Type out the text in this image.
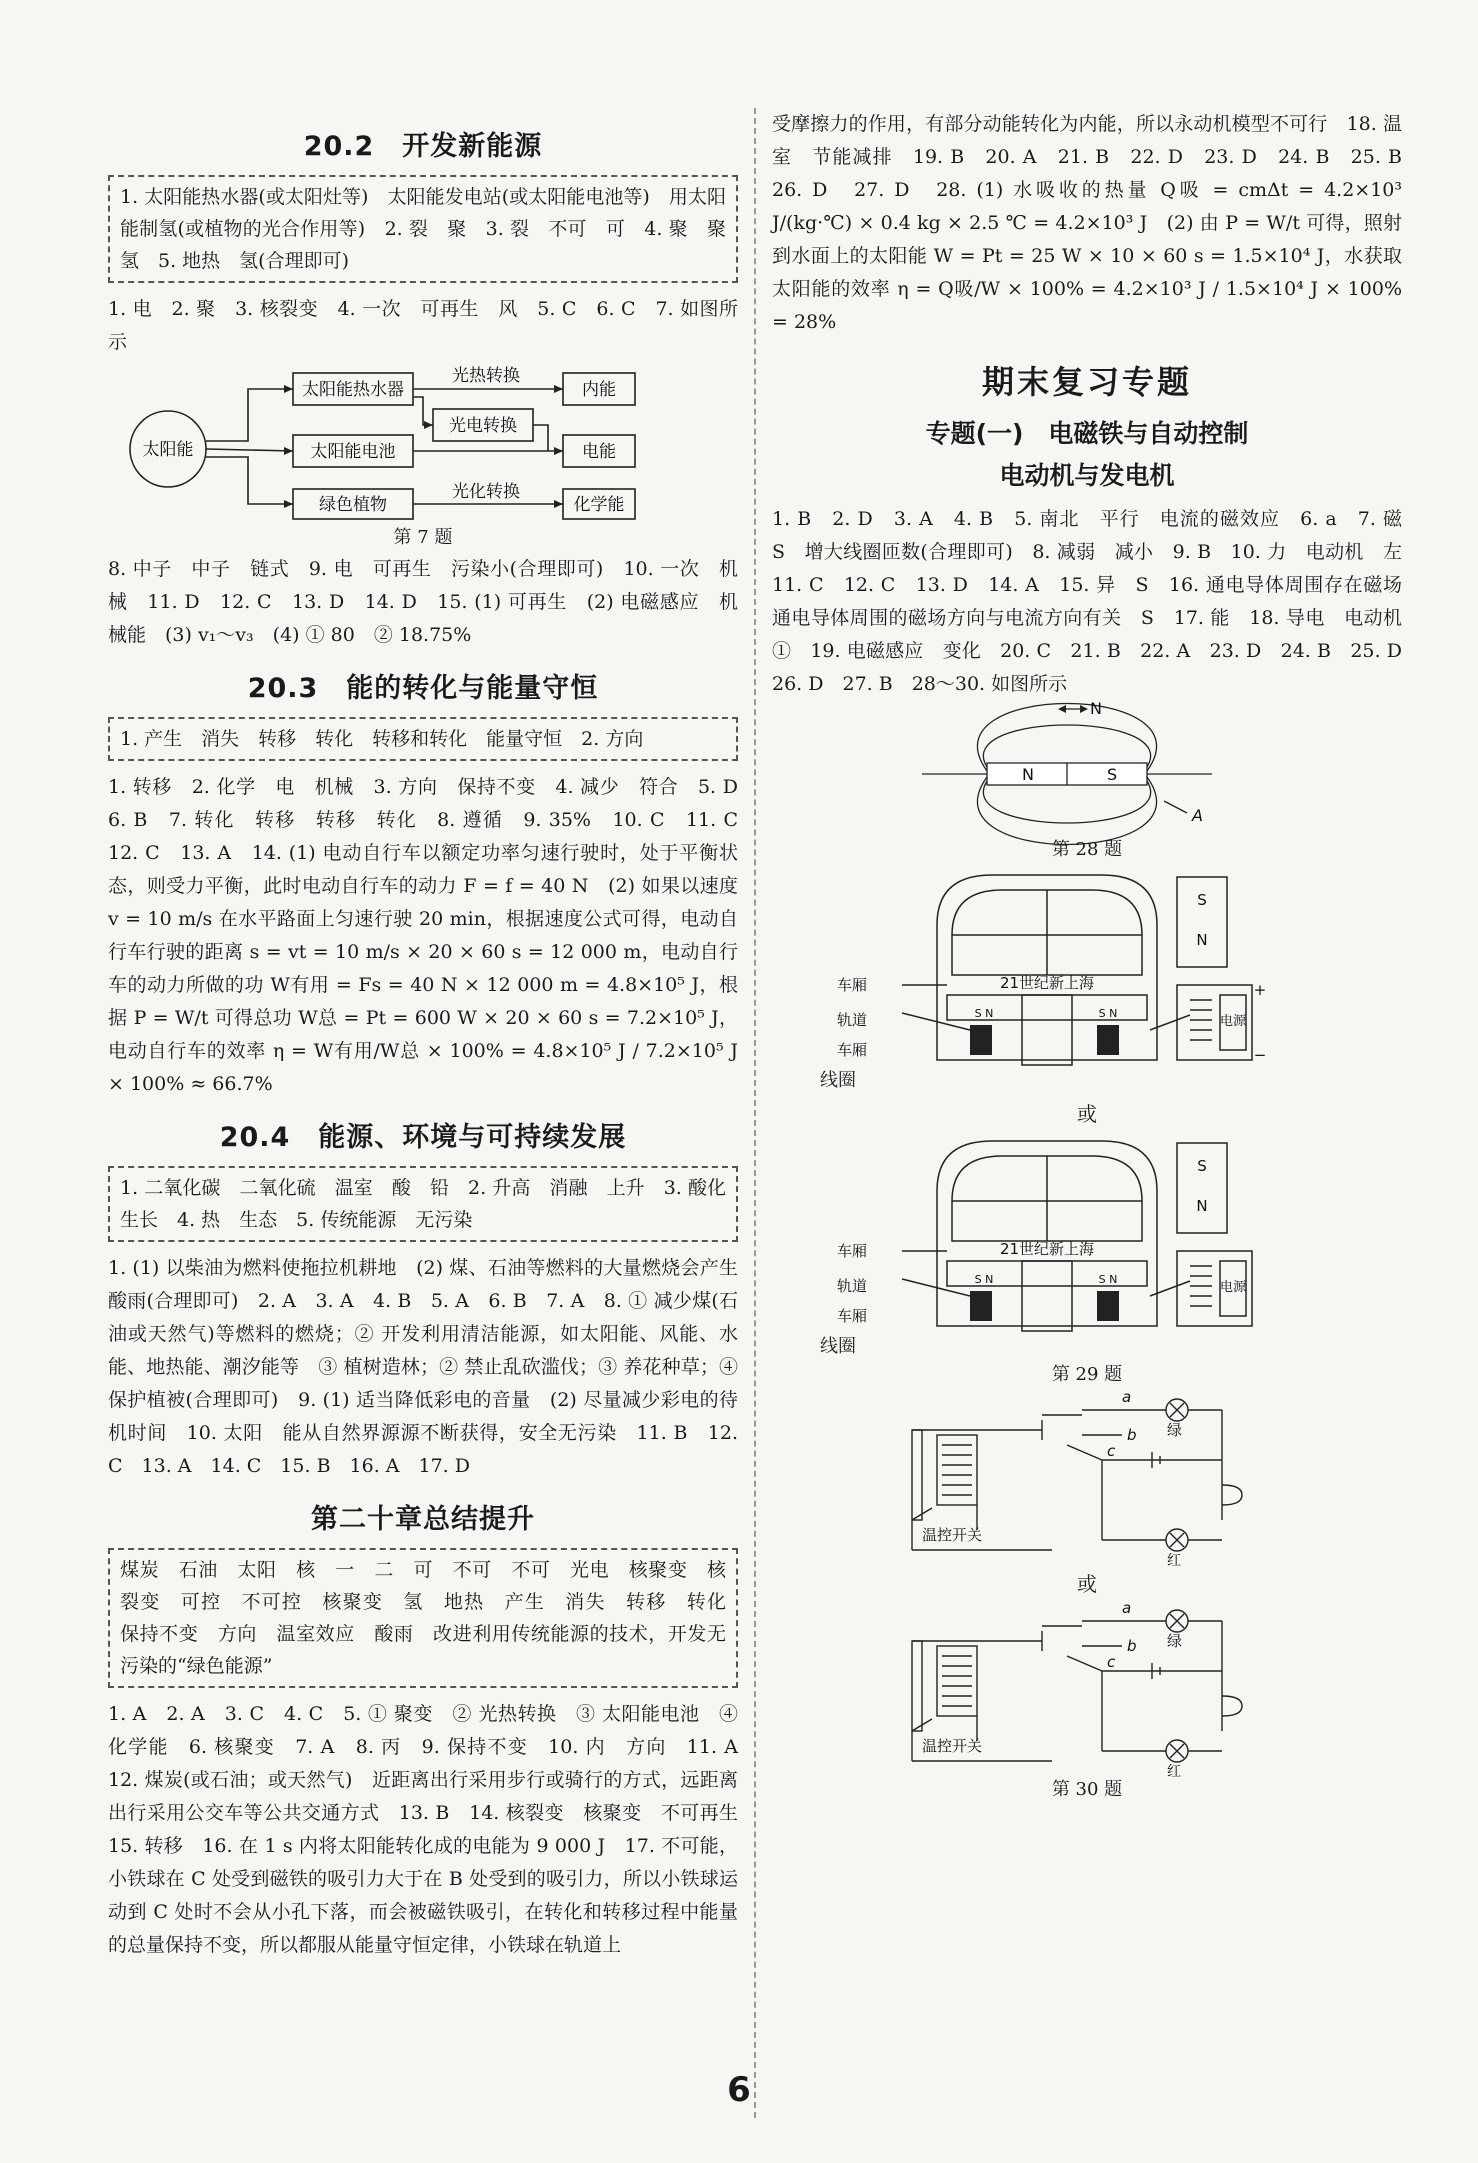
20.2　开发新能源

1. 太阳能热水器(或太阳灶等)　太阳能发电站(或太阳能电池等)　用太阳能制氢(或植物的光合作用等)　2. 裂　聚　3. 裂　不可　可　4. 聚　聚　氢　5. 地热　氢(合理即可)

1. 电　2. 聚　3. 核裂变　4. 一次　可再生　风　5. C　6. C　7. 如图所示

太阳能
太阳能热水器
太阳能电池
绿色植物
光热转换
光电转换
光化转换
内能
电能
化学能
第 7 题

8. 中子　中子　链式　9. 电　可再生　污染小(合理即可)　10. 一次　机械　11. D　12. C　13. D　14. D　15. (1) 可再生　(2) 电磁感应　机械能　(3) v₁～v₃　(4) ① 80　② 18.75%

20.3　能的转化与能量守恒

1. 产生　消失　转移　转化　转移和转化　能量守恒　2. 方向

1. 转移　2. 化学　电　机械　3. 方向　保持不变　4. 减少　符合　5. D　6. B　7. 转化　转移　转移　转化　8. 遵循　9. 35%　10. C　11. C　12. C　13. A　14. (1) 电动自行车以额定功率匀速行驶时，处于平衡状态，则受力平衡，此时电动自行车的动力 F = f = 40 N　(2) 如果以速度 v = 10 m/s 在水平路面上匀速行驶 20 min，根据速度公式可得，电动自行车行驶的距离 s = vt = 10 m/s × 20 × 60 s = 12 000 m，电动自行车的动力所做的功 W有用 = Fs = 40 N × 12 000 m = 4.8×10⁵ J，根据 P = W/t 可得总功 W总 = Pt = 600 W × 20 × 60 s = 7.2×10⁵ J，电动自行车的效率 η = W有用/W总 × 100% = 4.8×10⁵ J / 7.2×10⁵ J × 100% ≈ 66.7%

20.4　能源、环境与可持续发展

1. 二氧化碳　二氧化硫　温室　酸　铅　2. 升高　消融　上升　3. 酸化　生长　4. 热　生态　5. 传统能源　无污染

1. (1) 以柴油为燃料使拖拉机耕地　(2) 煤、石油等燃料的大量燃烧会产生酸雨(合理即可)　2. A　3. A　4. B　5. A　6. B　7. A　8. ① 减少煤(石油或天然气)等燃料的燃烧；② 开发利用清洁能源，如太阳能、风能、水能、地热能、潮汐能等　③ 植树造林；② 禁止乱砍滥伐；③ 养花种草；④ 保护植被(合理即可)　9. (1) 适当降低彩电的音量　(2) 尽量减少彩电的待机时间　10. 太阳　能从自然界源源不断获得，安全无污染　11. B　12. C　13. A　14. C　15. B　16. A　17. D

第二十章总结提升

煤炭　石油　太阳　核　一　二　可　不可　不可　光电　核聚变　核裂变　可控　不可控　核聚变　氢　地热　产生　消失　转移　转化　保持不变　方向　温室效应　酸雨　改进利用传统能源的技术，开发无污染的“绿色能源”

1. A　2. A　3. C　4. C　5. ① 聚变　② 光热转换　③ 太阳能电池　④ 化学能　6. 核聚变　7. A　8. 丙　9. 保持不变　10. 内　方向　11. A　12. 煤炭(或石油；或天然气)　近距离出行采用步行或骑行的方式，远距离出行采用公交车等公共交通方式　13. B　14. 核裂变　核聚变　不可再生　15. 转移　16. 在 1 s 内将太阳能转化成的电能为 9 000 J　17. 不可能，小铁球在 C 处受到磁铁的吸引力大于在 B 处受到的吸引力，所以小铁球运动到 C 处时不会从小孔下落，而会被磁铁吸引，在转化和转移过程中能量的总量保持不变，所以都服从能量守恒定律，小铁球在轨道上

受摩擦力的作用，有部分动能转化为内能，所以永动机模型不可行　18. 温室　节能减排　19. B　20. A　21. B　22. D　23. D　24. B　25. B　26. D　27. D　28. (1) 水吸收的热量 Q吸 = cmΔt = 4.2×10³ J/(kg·℃) × 0.4 kg × 2.5 ℃ = 4.2×10³ J　(2) 由 P = W/t 可得，照射到水面上的太阳能 W = Pt = 25 W × 10 × 60 s = 1.5×10⁴ J，水获取太阳能的效率 η = Q吸/W × 100% = 4.2×10³ J / 1.5×10⁴ J × 100% = 28%

期末复习专题
专题(一)　电磁铁与自动控制
电动机与发电机

1. B　2. D　3. A　4. B　5. 南北　平行　电流的磁效应　6. a　7. 磁　S　增大线圈匝数(合理即可)　8. 减弱　减小　9. B　10. 力　电动机　左　11. C　12. C　13. D　14. A　15. 异　S　16. 通电导体周围存在磁场　通电导体周围的磁场方向与电流方向有关　S　17. 能　18. 导电　电动机　①　19. 电磁感应　变化　20. C　21. B　22. A　23. D　24. B　25. D　26. D　27. B　28～30. 如图所示

N
N	S
A
第 28 题
S
N
21世纪新上海
车厢
轨道
车厢
电源
+
−
S N	S N
线圈
或
S
N
21世纪新上海
车厢
轨道
车厢
电源
S N	S N
线圈
第 29 题
a
b
c
绿
红
温控开关
或
a
b
c
绿
红
温控开关
第 30 题
6
